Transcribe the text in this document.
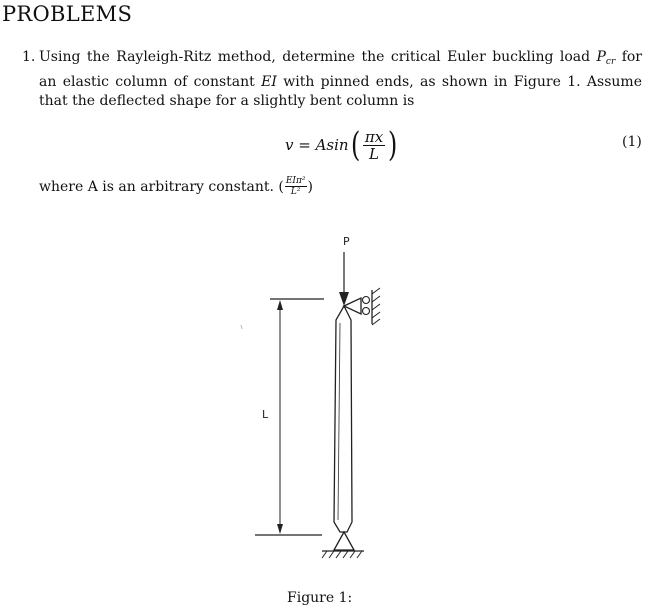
PROBLEMS
1. Using the Rayleigh-Ritz method, determine the critical Euler buckling load $P_{cr}$ for an elastic column of constant EI with pinned ends, as shown in Figure 1. Assume that the deflected shape for a slightly bent column is
v = Asin ( $\frac{\pi x}{L}$ )	(1)
where A is an arbitrary constant. ( $\frac{\text{EIπ²}}{\text{L²}}$ )
P
L
Figure 1:
